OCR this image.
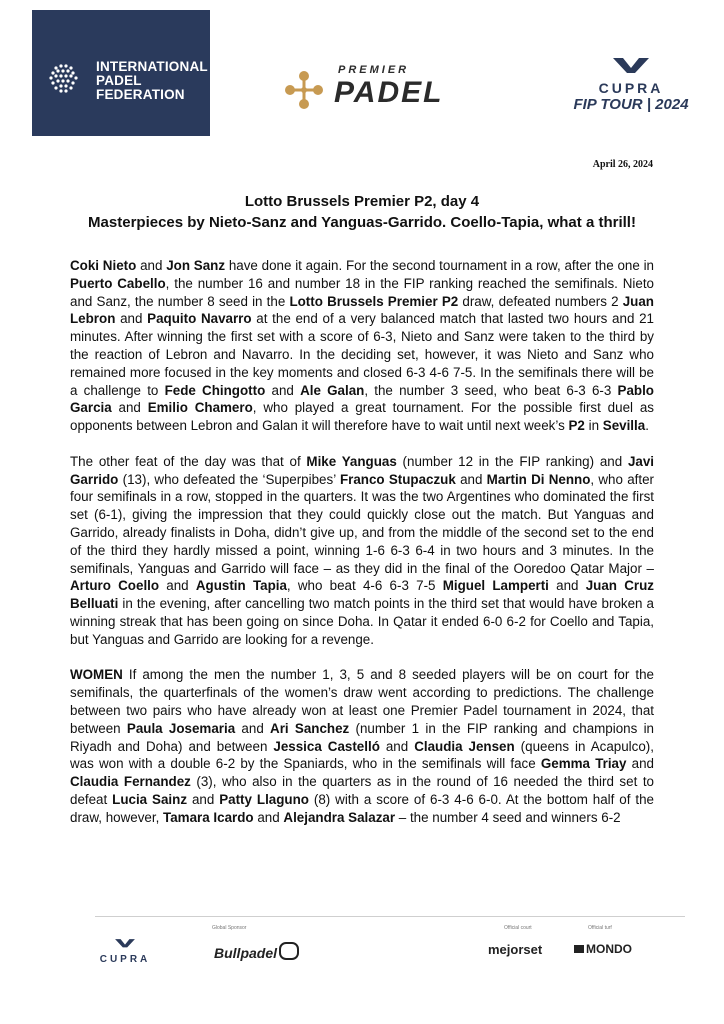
INTERNATIONAL
PADEL
FEDERATION
PREMIER
PADEL	CUPRA
FIP TOUR | 2024
April 26, 2024
Lotto Brussels Premier P2, day 4
Masterpieces by Nieto-Sanz and Yanguas-Garrido. Coello-Tapia, what a thrill!

Coki Nieto and Jon Sanz have done it again. For the second tournament in a row, after the one in Puerto Cabello, the number 16 and number 18 in the FIP ranking reached the semifinals. Nieto and Sanz, the number 8 seed in the Lotto Brussels Premier P2 draw, defeated numbers 2 Juan Lebron and Paquito Navarro at the end of a very balanced match that lasted two hours and 21 minutes. After winning the first set with a score of 6-3, Nieto and Sanz were taken to the third by the reaction of Lebron and Navarro. In the deciding set, however, it was Nieto and Sanz who remained more focused in the key moments and closed 6-3 4-6 7-5. In the semifinals there will be a challenge to Fede Chingotto and Ale Galan, the number 3 seed, who beat 6-3 6-3 Pablo Garcia and Emilio Chamero, who played a great tournament. For the possible first duel as opponents between Lebron and Galan it will therefore have to wait until next week’s P2 in Sevilla.

The other feat of the day was that of Mike Yanguas (number 12 in the FIP ranking) and Javi Garrido (13), who defeated the ‘Superpibes’ Franco Stupaczuk and Martin Di Nenno, who after four semifinals in a row, stopped in the quarters. It was the two Argentines who dominated the first set (6-1), giving the impression that they could quickly close out the match. But Yanguas and Garrido, already finalists in Doha, didn’t give up, and from the middle of the second set to the end of the third they hardly missed a point, winning 1-6 6-3 6-4 in two hours and 3 minutes. In the semifinals, Yanguas and Garrido will face – as they did in the final of the Ooredoo Qatar Major – Arturo Coello and Agustin Tapia, who beat 4-6 6-3 7-5 Miguel Lamperti and Juan Cruz Belluati in the evening, after cancelling two match points in the third set that would have broken a winning streak that has been going on since Doha. In Qatar it ended 6-0 6-2 for Coello and Tapia, but Yanguas and Garrido are looking for a revenge.

WOMEN If among the men the number 1, 3, 5 and 8 seeded players will be on court for the semifinals, the quarterfinals of the women’s draw went according to predictions. The challenge between two pairs who have already won at least one Premier Padel tournament in 2024, that between Paula Josemaria and Ari Sanchez (number 1 in the FIP ranking and champions in Riyadh and Doha) and between Jessica Castelló and Claudia Jensen (queens in Acapulco), was won with a double 6-2 by the Spaniards, who in the semifinals will face Gemma Triay and Claudia Fernandez (3), who also in the quarters as in the round of 16 needed the third set to defeat Lucia Sainz and Patty Llaguno (8) with a score of 6-3 4-6 6-0. At the bottom half of the draw, however, Tamara Icardo and Alejandra Salazar – the number 4 seed and winners 6-2

Global Sponsor
CUPRA	Bullpadel
Official court
mejorset
Official turf
MONDO
